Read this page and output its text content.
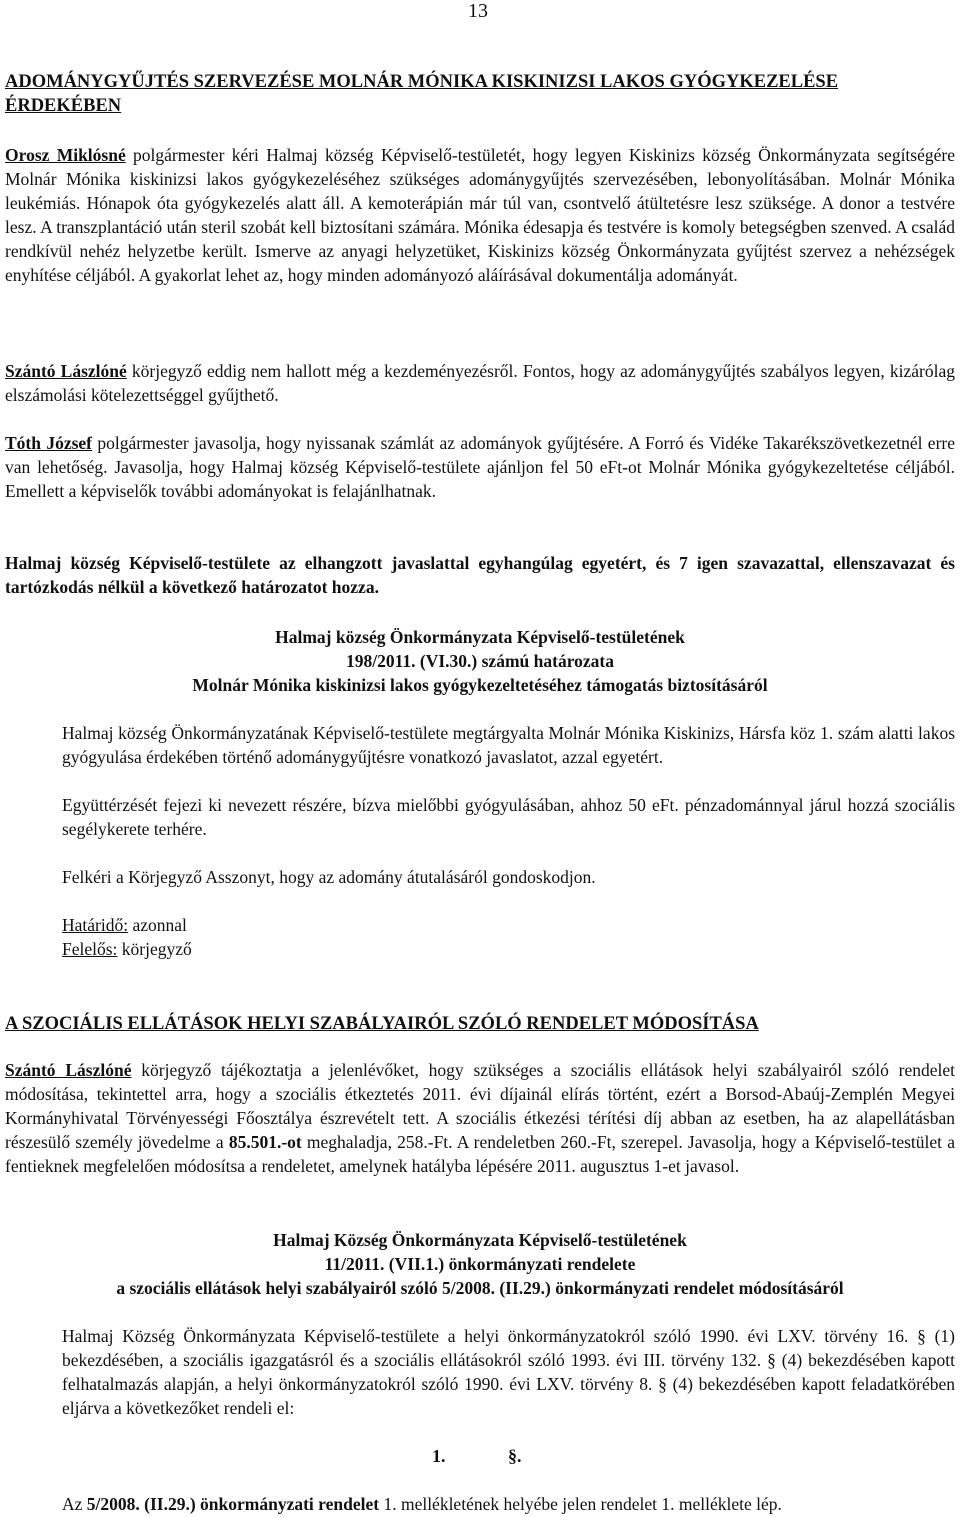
13

ADOMÁNYGYŰJTÉS SZERVEZÉSE MOLNÁR MÓNIKA KISKINIZSI LAKOS GYÓGYKEZELÉSE ÉRDEKÉBEN

Orosz Miklósné polgármester kéri Halmaj község Képviselő-testületét, hogy legyen Kiskinizs község Önkormányzata segítségére Molnár Mónika kiskinizsi lakos gyógykezeléséhez szükséges adománygyűjtés szervezésében, lebonyolításában. Molnár Mónika leukémiás. Hónapok óta gyógykezelés alatt áll. A kemoterápián már túl van, csontvelő átültetésre lesz szüksége. A donor a testvére lesz. A transzplantáció után steril szobát kell biztosítani számára. Mónika édesapja és testvére is komoly betegségben szenved. A család rendkívül nehéz helyzetbe került. Ismerve az anyagi helyzetüket, Kiskinizs község Önkormányzata gyűjtést szervez a nehézségek enyhítése céljából. A gyakorlat lehet az, hogy minden adományozó aláírásával dokumentálja adományát.

Szántó Lászlóné körjegyző eddig nem hallott még a kezdeményezésről. Fontos, hogy az adománygyűjtés szabályos legyen, kizárólag elszámolási kötelezettséggel gyűjthető.

Tóth József polgármester javasolja, hogy nyissanak számlát az adományok gyűjtésére. A Forró és Vidéke Takarékszövetkezetnél erre van lehetőség. Javasolja, hogy Halmaj község Képviselő-testülete ajánljon fel 50 eFt-ot Molnár Mónika gyógykezeltetése céljából. Emellett a képviselők további adományokat is felajánlhatnak.

Halmaj község Képviselő-testülete az elhangzott javaslattal egyhangúlag egyetért, és 7 igen szavazattal, ellenszavazat és tartózkodás nélkül a következő határozatot hozza.

Halmaj község Önkormányzata Képviselő-testületének

198/2011. (VI.30.) számú határozata

Molnár Mónika kiskinizsi lakos gyógykezeltetéséhez támogatás biztosításáról

Halmaj község Önkormányzatának Képviselő-testülete megtárgyalta Molnár Mónika Kiskinizs, Hársfa köz 1. szám alatti lakos gyógyulása érdekében történő adománygyűjtésre vonatkozó javaslatot, azzal egyetért.

Együttérzését fejezi ki nevezett részére, bízva mielőbbi gyógyulásában, ahhoz 50 eFt. pénzadománnyal járul hozzá szociális segélykerete terhére.

Felkéri a Körjegyző Asszonyt, hogy az adomány átutalásáról gondoskodjon.

Határidő: azonnal

Felelős: körjegyző

A SZOCIÁLIS ELLÁTÁSOK HELYI SZABÁLYAIRÓL SZÓLÓ RENDELET MÓDOSÍTÁSA

Szántó Lászlóné körjegyző tájékoztatja a jelenlévőket, hogy szükséges a szociális ellátások helyi szabályairól szóló rendelet módosítása, tekintettel arra, hogy a szociális étkeztetés 2011. évi díjainál elírás történt, ezért a Borsod-Abaúj-Zemplén Megyei Kormányhivatal Törvényességi Főosztálya észrevételt tett. A szociális étkezési térítési díj abban az esetben, ha az alapellátásban részesülő személy jövedelme a 85.501.-ot meghaladja, 258.-Ft. A rendeletben 260.-Ft, szerepel. Javasolja, hogy a Képviselő-testület a fentieknek megfelelően módosítsa a rendeletet, amelynek hatályba lépésére 2011. augusztus 1-et javasol.

Halmaj Község Önkormányzata Képviselő-testületének

11/2011. (VII.1.) önkormányzati rendelete

a szociális ellátások helyi szabályairól szóló 5/2008. (II.29.) önkormányzati rendelet módosításáról

Halmaj Község Önkormányzata Képviselő-testülete a helyi önkormányzatokról szóló 1990. évi LXV. törvény 16. § (1) bekezdésében, a szociális igazgatásról és a szociális ellátásokról szóló 1993. évi III. törvény 132. § (4) bekezdésében kapott felhatalmazás alapján, a helyi önkormányzatokról szóló 1990. évi LXV. törvény 8. § (4) bekezdésében kapott feladatkörében eljárva a következőket rendeli el:

1.	§.

Az 5/2008. (II.29.) önkormányzati rendelet 1. mellékletének helyébe jelen rendelet 1. melléklete lép.
